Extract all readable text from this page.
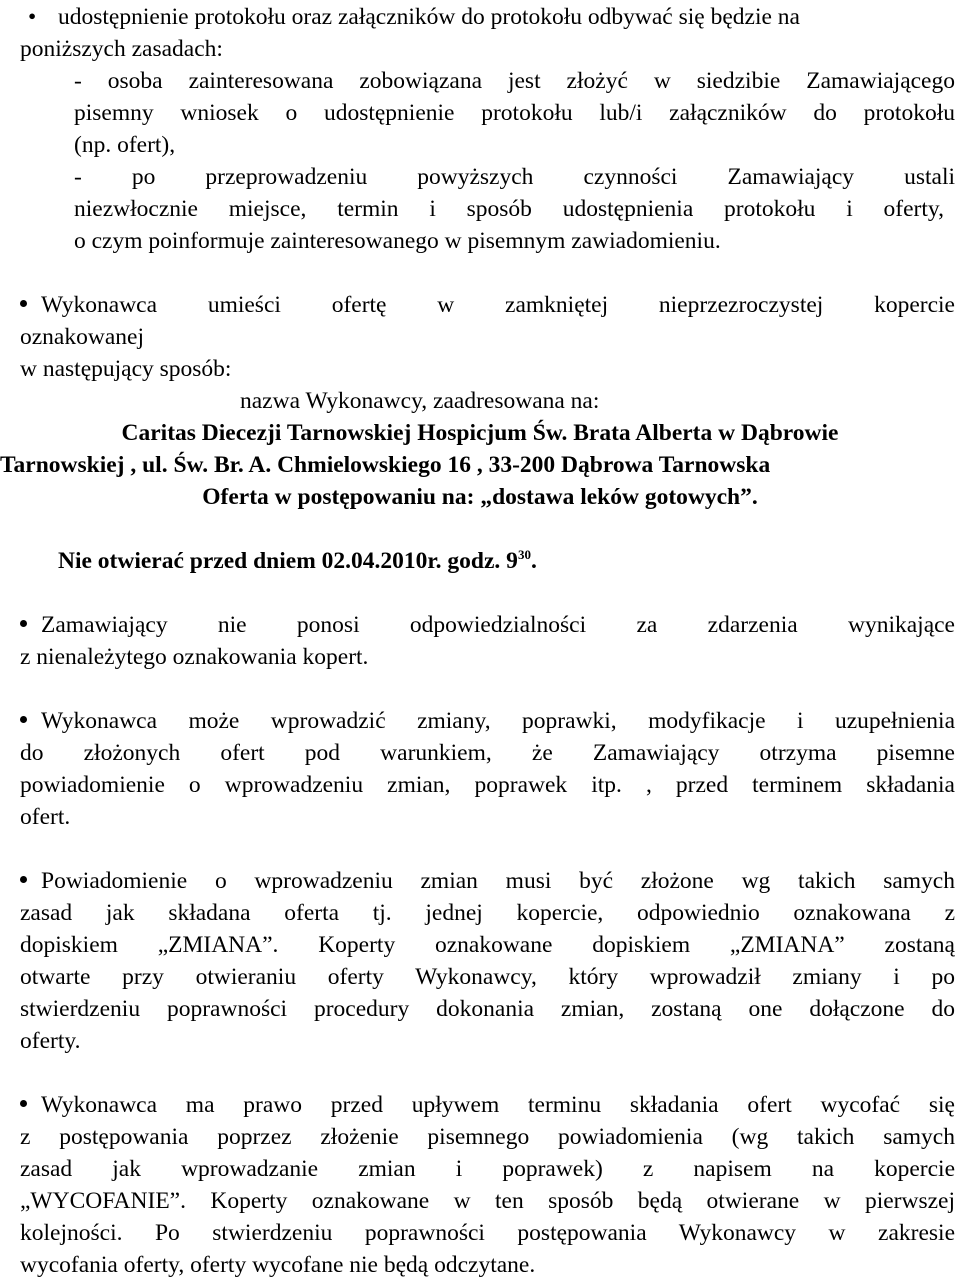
• udostępnienie protokołu oraz załączników do protokołu odbywać się będzie na
poniższych zasadach:
- osoba zainteresowana zobowiązana jest złożyć w siedzibie Zamawiającego
pisemny wniosek o udostępnienie protokołu lub/i załączników do protokołu
(np. ofert),
- po przeprowadzeniu powyższych czynności Zamawiający ustali
niezwłocznie miejsce, termin i sposób udostępnienia protokołu i oferty,
o czym poinformuje zainteresowanego w pisemnym zawiadomieniu.
Wykonawca umieści ofertę w zamkniętej nieprzezroczystej kopercie
oznakowanej
w następujący sposób:
nazwa Wykonawcy, zaadresowana na:
Caritas Diecezji Tarnowskiej Hospicjum Św. Brata Alberta w Dąbrowie
Tarnowskiej , ul. Św. Br. A. Chmielowskiego 16 , 33-200 Dąbrowa Tarnowska
Oferta w postępowaniu na: „dostawa leków gotowych”.
Nie otwierać przed dniem 02.04.2010r. godz. $9^{30}$.
Zamawiający nie ponosi odpowiedzialności za zdarzenia wynikające
z nienależytego oznakowania kopert.
Wykonawca może wprowadzić zmiany, poprawki, modyfikacje i uzupełnienia
do złożonych ofert pod warunkiem, że Zamawiający otrzyma pisemne
powiadomienie o wprowadzeniu zmian, poprawek itp. , przed terminem składania
ofert.
Powiadomienie o wprowadzeniu zmian musi być złożone wg takich samych
zasad jak składana oferta tj. jednej kopercie, odpowiednio oznakowana z
dopiskiem „ZMIANA”. Koperty oznakowane dopiskiem „ZMIANA” zostaną
otwarte przy otwieraniu oferty Wykonawcy, który wprowadził zmiany i po
stwierdzeniu poprawności procedury dokonania zmian, zostaną one dołączone do
oferty.
Wykonawca ma prawo przed upływem terminu składania ofert wycofać się
z postępowania poprzez złożenie pisemnego powiadomienia (wg takich samych
zasad jak wprowadzanie zmian i poprawek) z napisem na kopercie
„WYCOFANIE”. Koperty oznakowane w ten sposób będą otwierane w pierwszej
kolejności. Po stwierdzeniu poprawności postępowania Wykonawcy w zakresie
wycofania oferty, oferty wycofane nie będą odczytane.
